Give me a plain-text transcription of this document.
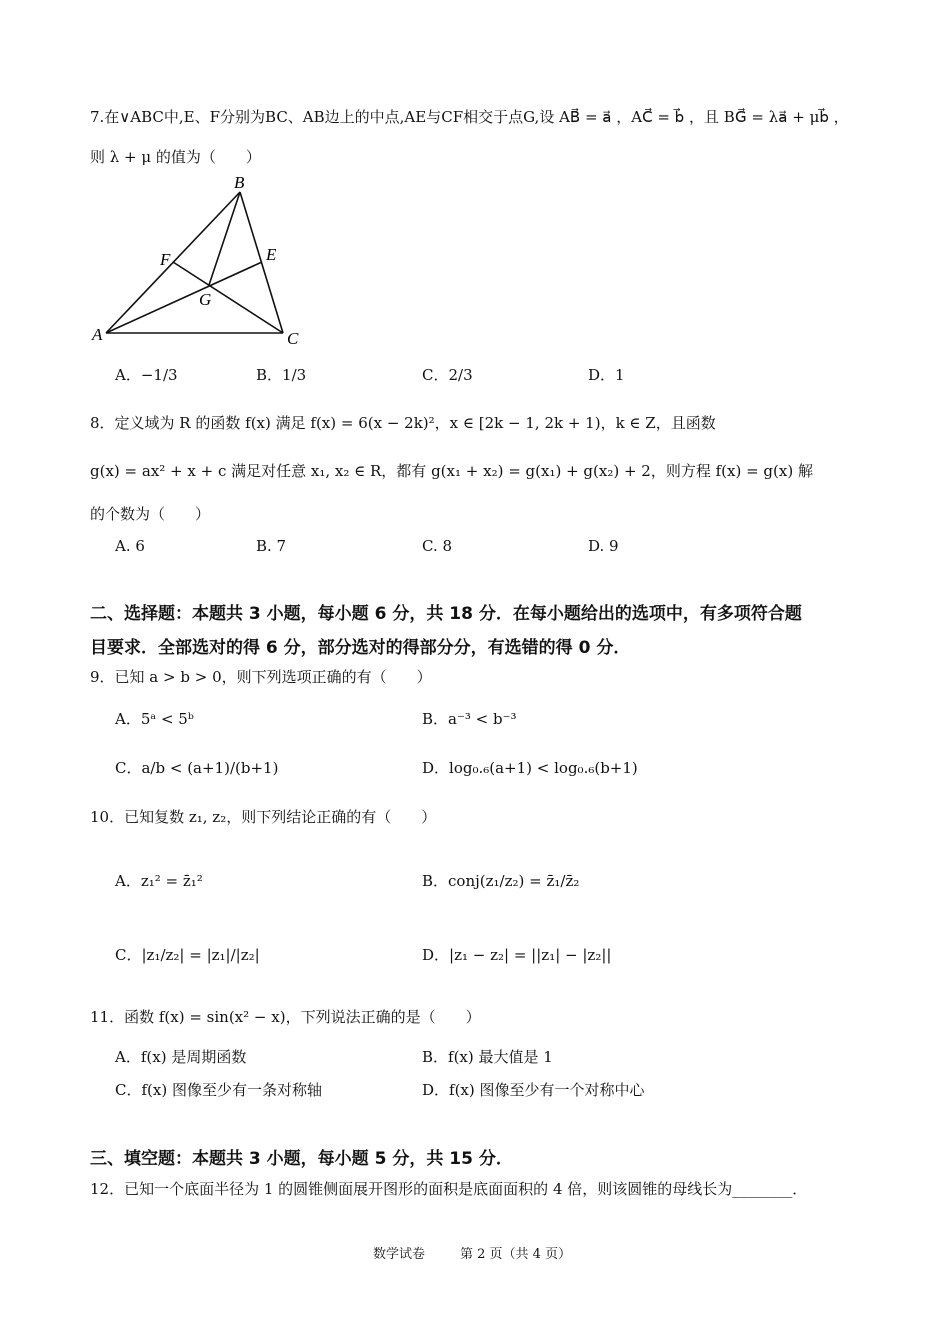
7.在∨ABC中,E、F分别为BC、AB边上的中点,AE与CF相交于点G,设 AB⃗ = a⃗ ，AC⃗ = b⃗ ，且 BG⃗ = λa⃗ + μb⃗ ，
则 λ + μ 的值为（　　）
B
F	E
G
A	C
A．−1/3	B．1/3	C．2/3	D．1
8．定义域为 R 的函数 f(x) 满足 f(x) = 6(x − 2k)²，x ∈ [2k − 1, 2k + 1)，k ∈ Z，且函数
g(x) = ax² + x + c 满足对任意 x₁, x₂ ∈ R，都有 g(x₁ + x₂) = g(x₁) + g(x₂) + 2，则方程 f(x) = g(x) 解
的个数为（　　）
A. 6	B. 7	C. 8	D. 9
二、选择题：本题共 3 小题，每小题 6 分，共 18 分．在每小题给出的选项中，有多项符合题
目要求．全部选对的得 6 分，部分选对的得部分分，有选错的得 0 分．
9．已知 a > b > 0，则下列选项正确的有（　　）
A．5ᵃ < 5ᵇ	B．a⁻³ < b⁻³
C．a/b < (a+1)/(b+1)	D．log₀.₆(a+1) < log₀.₆(b+1)
10．已知复数 z₁, z₂，则下列结论正确的有（　　）
A．z₁² = z̄₁²	B．conj(z₁/z₂) = z̄₁/z̄₂
C．|z₁/z₂| = |z₁|/|z₂|	D．|z₁ − z₂| = ||z₁| − |z₂||
11．函数 f(x) = sin(x² − x)，下列说法正确的是（　　）
A．f(x) 是周期函数	B．f(x) 最大值是 1
C．f(x) 图像至少有一条对称轴	D．f(x) 图像至少有一个对称中心
三、填空题：本题共 3 小题，每小题 5 分，共 15 分．
12．已知一个底面半径为 1 的圆锥侧面展开图形的面积是底面面积的 4 倍，则该圆锥的母线长为________．
数学试卷	第 2 页（共 4 页）
